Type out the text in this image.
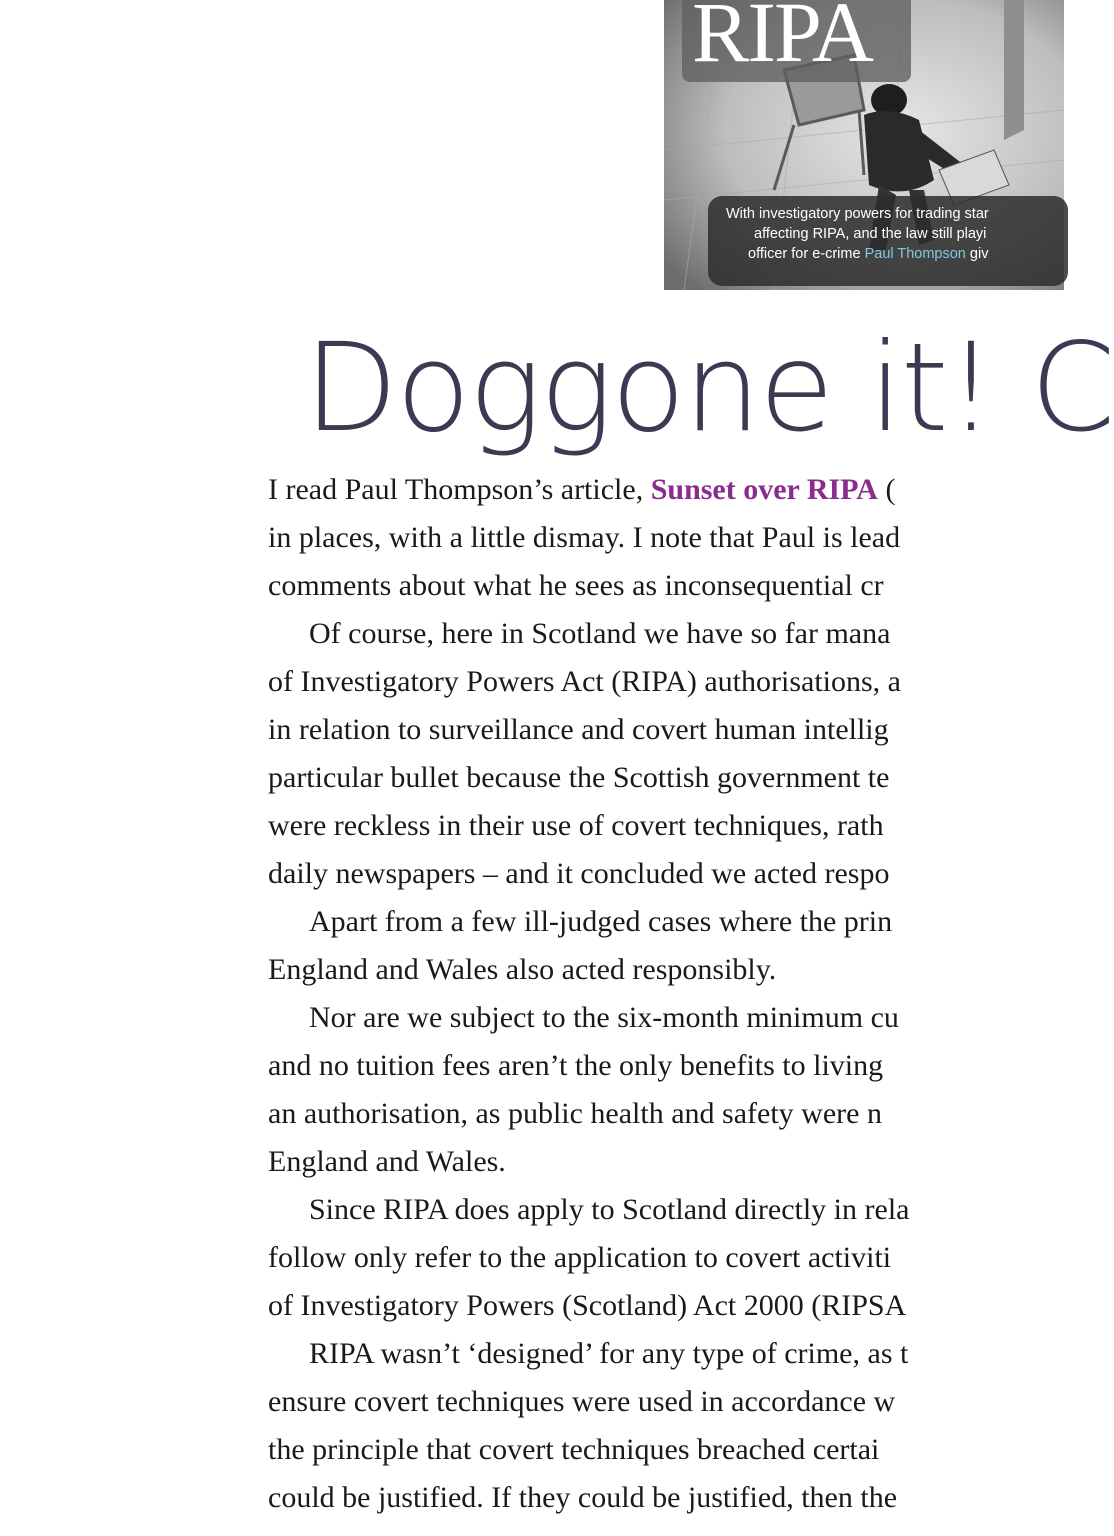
RIPA
With investigatory powers for trading star
affecting RIPA, and the law still playi
officer for e-crime Paul Thompson giv
Doggone it! C
I read Paul Thompson’s article, Sunset over RIPA (
in places, with a little dismay. I note that Paul is lead
comments about what he sees as inconsequential cr
Of course, here in Scotland we have so far mana
of Investigatory Powers Act (RIPA) authorisations, a
in relation to surveillance and covert human intellig
particular bullet because the Scottish government te
were reckless in their use of covert techniques, rath
daily newspapers – and it concluded we acted respo
Apart from a few ill-judged cases where the prin
England and Wales also acted responsibly.
Nor are we subject to the six-month minimum cu
and no tuition fees aren’t the only benefits to living
an authorisation, as public health and safety were n
England and Wales.
Since RIPA does apply to Scotland directly in rela
follow only refer to the application to covert activiti
of Investigatory Powers (Scotland) Act 2000 (RIPSA
RIPA wasn’t ‘designed’ for any type of crime, as t
ensure covert techniques were used in accordance w
the principle that covert techniques breached certai
could be justified. If they could be justified, then the
